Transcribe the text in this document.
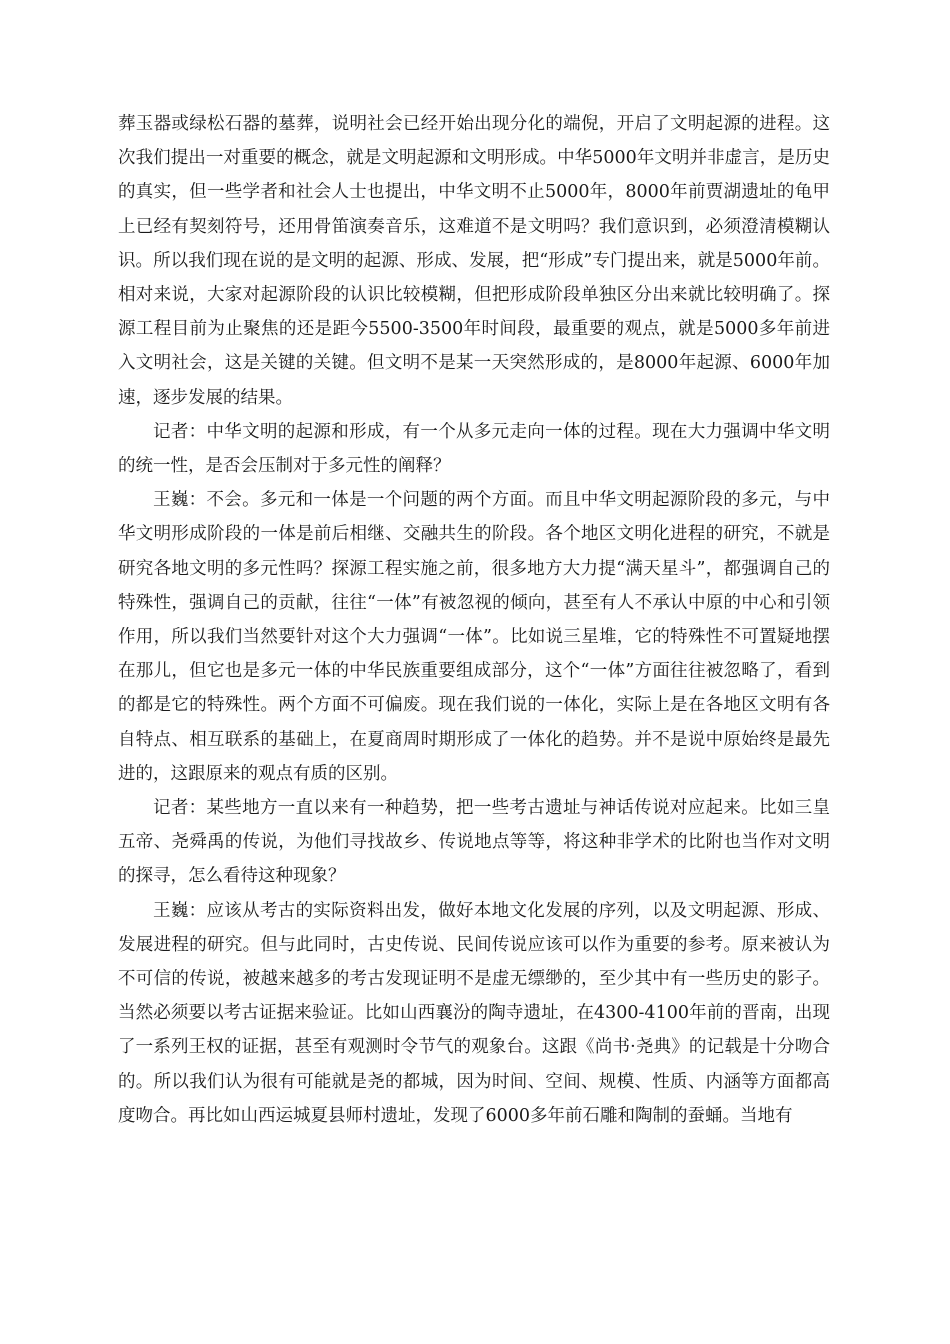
葬玉器或绿松石器的墓葬，说明社会已经开始出现分化的端倪，开启了文明起源的进程。这次我们提出一对重要的概念，就是文明起源和文明形成。中华5000年文明并非虚言，是历史的真实，但一些学者和社会人士也提出，中华文明不止5000年，8000年前贾湖遗址的龟甲上已经有契刻符号，还用骨笛演奏音乐，这难道不是文明吗？我们意识到，必须澄清模糊认识。所以我们现在说的是文明的起源、形成、发展，把“形成”专门提出来，就是5000年前。相对来说，大家对起源阶段的认识比较模糊，但把形成阶段单独区分出来就比较明确了。探源工程目前为止聚焦的还是距今5500-3500年时间段，最重要的观点，就是5000多年前进入文明社会，这是关键的关键。但文明不是某一天突然形成的，是8000年起源、6000年加速，逐步发展的结果。

记者：中华文明的起源和形成，有一个从多元走向一体的过程。现在大力强调中华文明的统一性，是否会压制对于多元性的阐释？

王巍：不会。多元和一体是一个问题的两个方面。而且中华文明起源阶段的多元，与中华文明形成阶段的一体是前后相继、交融共生的阶段。各个地区文明化进程的研究，不就是研究各地文明的多元性吗？探源工程实施之前，很多地方大力提“满天星斗”，都强调自己的特殊性，强调自己的贡献，往往“一体”有被忽视的倾向，甚至有人不承认中原的中心和引领作用，所以我们当然要针对这个大力强调“一体”。比如说三星堆，它的特殊性不可置疑地摆在那儿，但它也是多元一体的中华民族重要组成部分，这个“一体”方面往往被忽略了，看到的都是它的特殊性。两个方面不可偏废。现在我们说的一体化，实际上是在各地区文明有各自特点、相互联系的基础上，在夏商周时期形成了一体化的趋势。并不是说中原始终是最先进的，这跟原来的观点有质的区别。

记者：某些地方一直以来有一种趋势，把一些考古遗址与神话传说对应起来。比如三皇五帝、尧舜禹的传说，为他们寻找故乡、传说地点等等，将这种非学术的比附也当作对文明的探寻，怎么看待这种现象？

王巍：应该从考古的实际资料出发，做好本地文化发展的序列，以及文明起源、形成、发展进程的研究。但与此同时，古史传说、民间传说应该可以作为重要的参考。原来被认为不可信的传说，被越来越多的考古发现证明不是虚无缥缈的，至少其中有一些历史的影子。当然必须要以考古证据来验证。比如山西襄汾的陶寺遗址，在4300-4100年前的晋南，出现了一系列王权的证据，甚至有观测时令节气的观象台。这跟《尚书·尧典》的记载是十分吻合的。所以我们认为很有可能就是尧的都城，因为时间、空间、规模、性质、内涵等方面都高度吻合。再比如山西运城夏县师村遗址，发现了6000多年前石雕和陶制的蚕蛹。当地有
